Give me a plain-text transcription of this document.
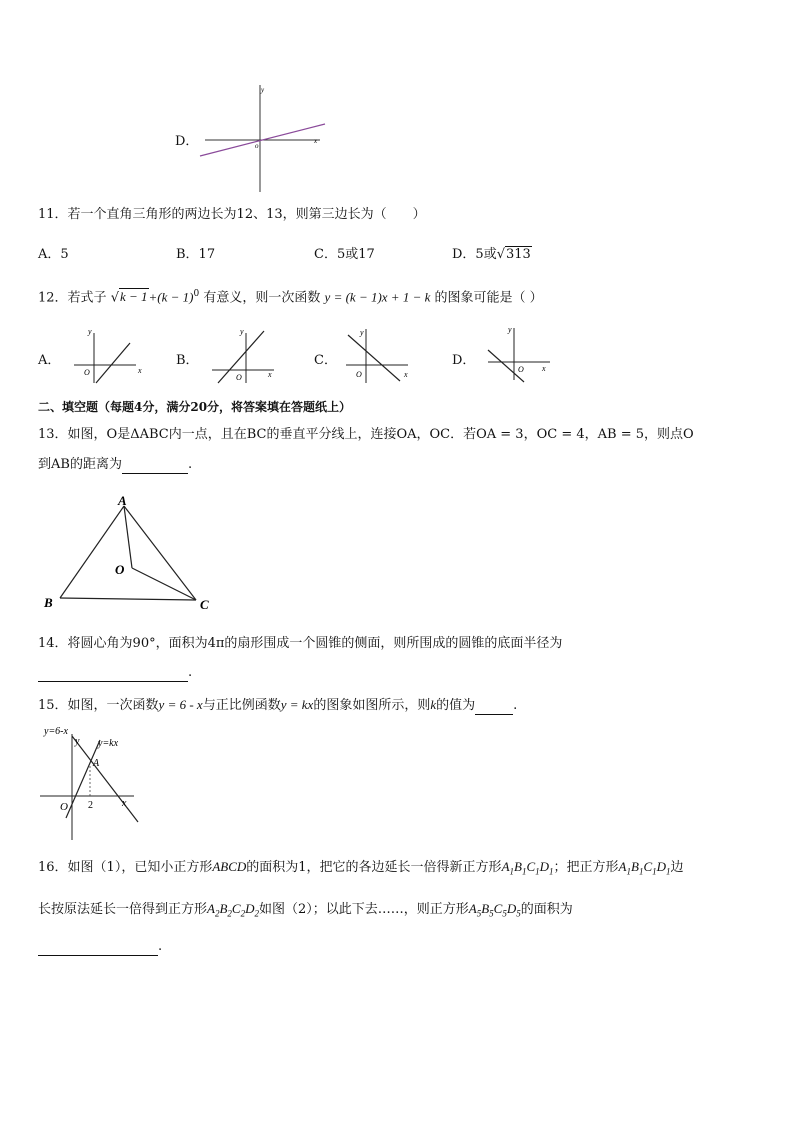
D．	x
y
o
11．若一个直角三角形的两边长为12、13，则第三边长为（　　）
A．5	B．17	C．5或17	D．5或√313
12．若式子 $√k - 1+(k - 1)^0$ 有意义，则一次函数 y = (k − 1)x + 1 − k 的图象可能是（ ）
A．
x
y
O
B．
x
y
O
C．
x
y
O
D．
x
y
O
二、填空题（每题4分，满分20分，将答案填在答题纸上）
13．如图，O是ΔABC内一点，且在BC的垂直平分线上，连接OA，OC．若OA = 3，OC = 4，AB = 5，则点O
到AB的距离为	.
A
B	C
O
14．将圆心角为90°，面积为4π的扇形围成一个圆锥的侧面，则所围成的圆锥的底面半径为
.
15．如图，一次函数y = 6 - x与正比例函数y = kx的图象如图所示，则k的值为	.
y=6-x
y=kx
y
x
A
O 2
16．如图（1），已知小正方形ABCD的面积为1，把它的各边延长一倍得新正方形$A_1B_1C_1D_1$；把正方形$A_1B_1C_1D_1$边
长按原法延长一倍得到正方形$A_2B_2C_2D_2$如图（2）；以此下去……，则正方形$A_5B_5C_5D_5$的面积为
.
